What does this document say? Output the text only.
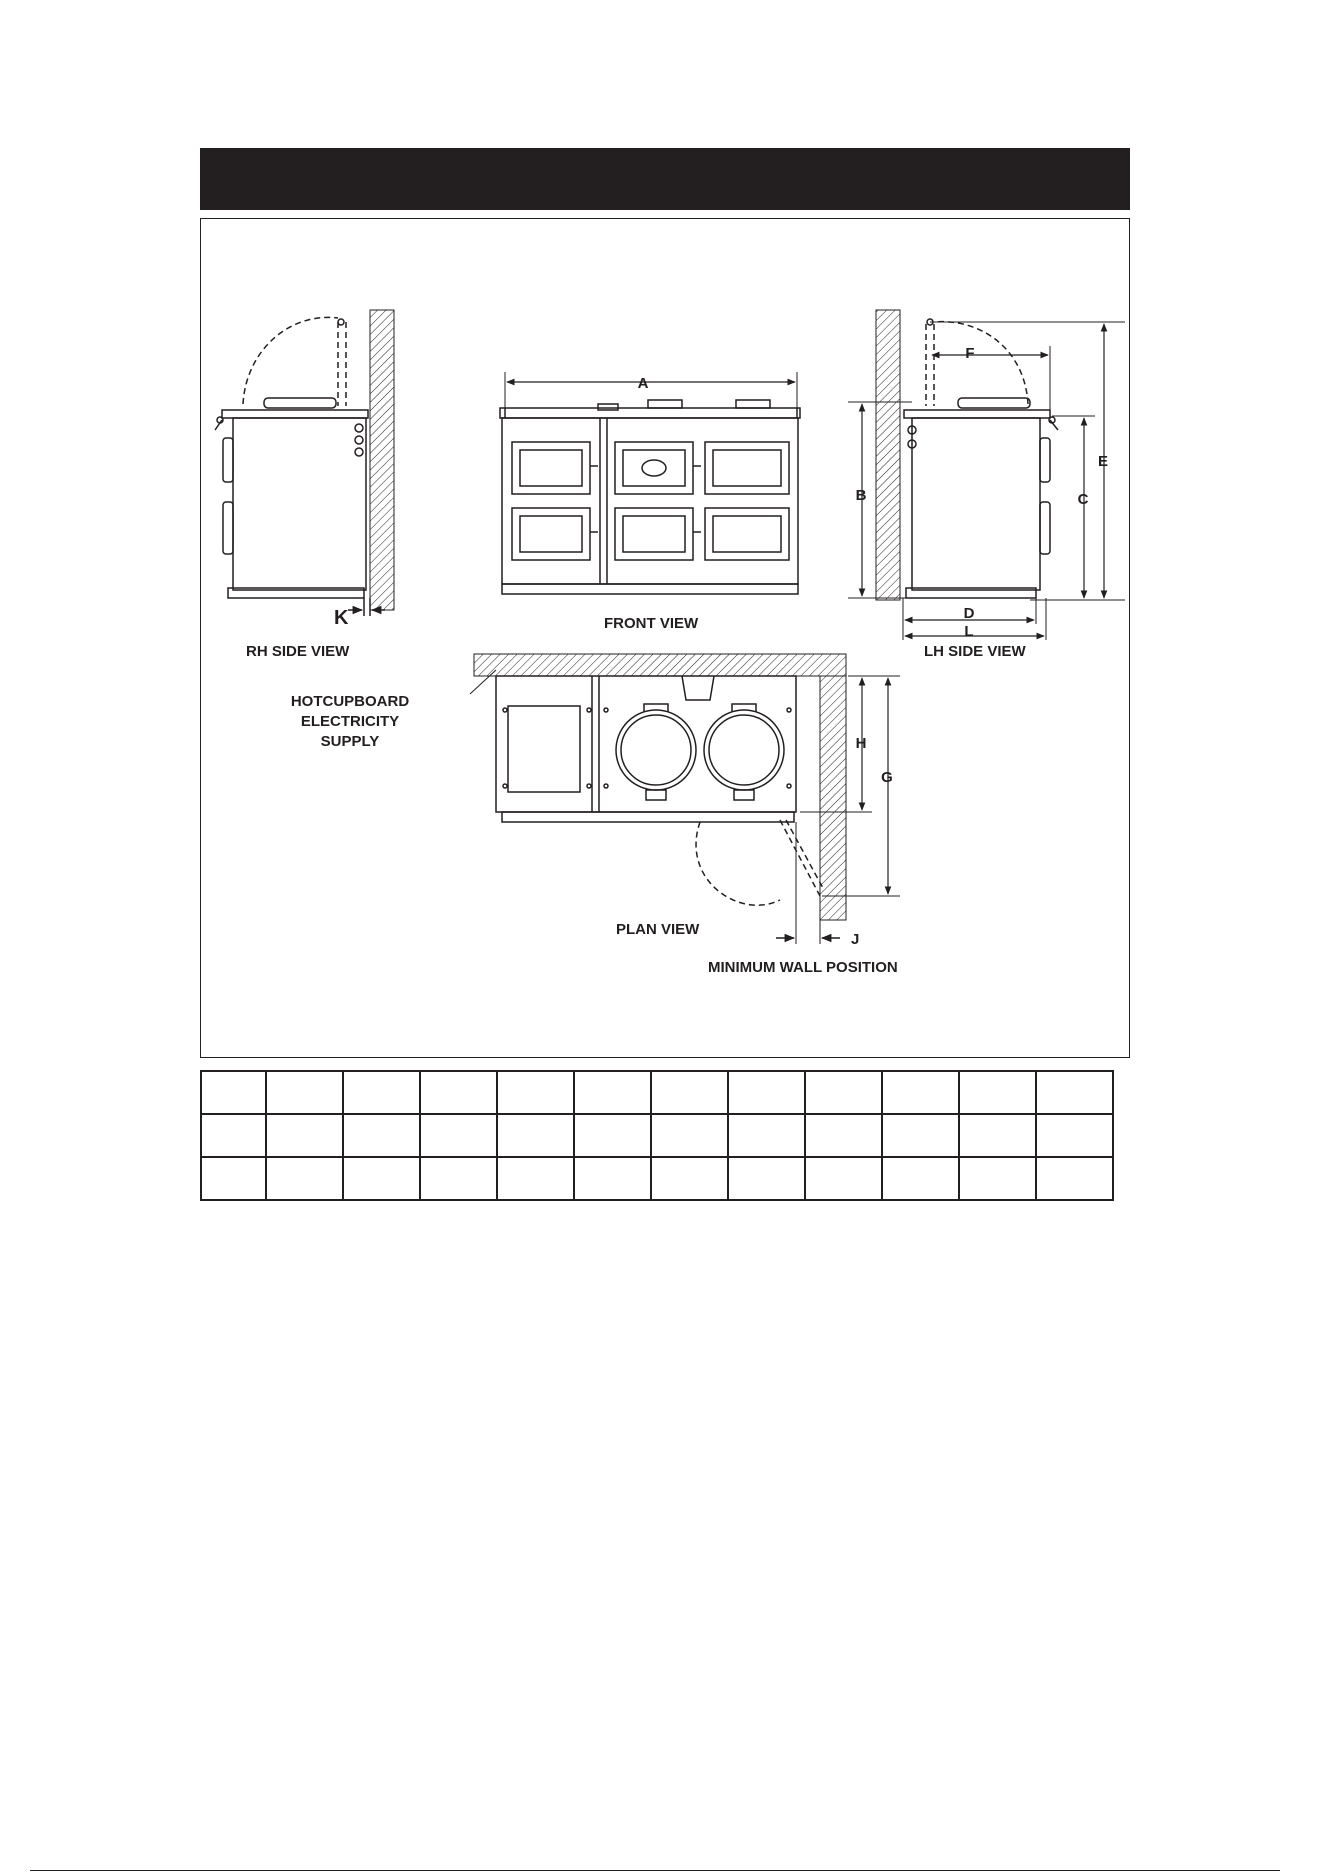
RH SIDE VIEW
FRONT VIEW
LH SIDE VIEW
PLAN VIEW
HOTCUPBOARD
ELECTRICITY
SUPPLY
MINIMUM WALL POSITION
A
B	C
D
E
F
G
H
J
K
L
